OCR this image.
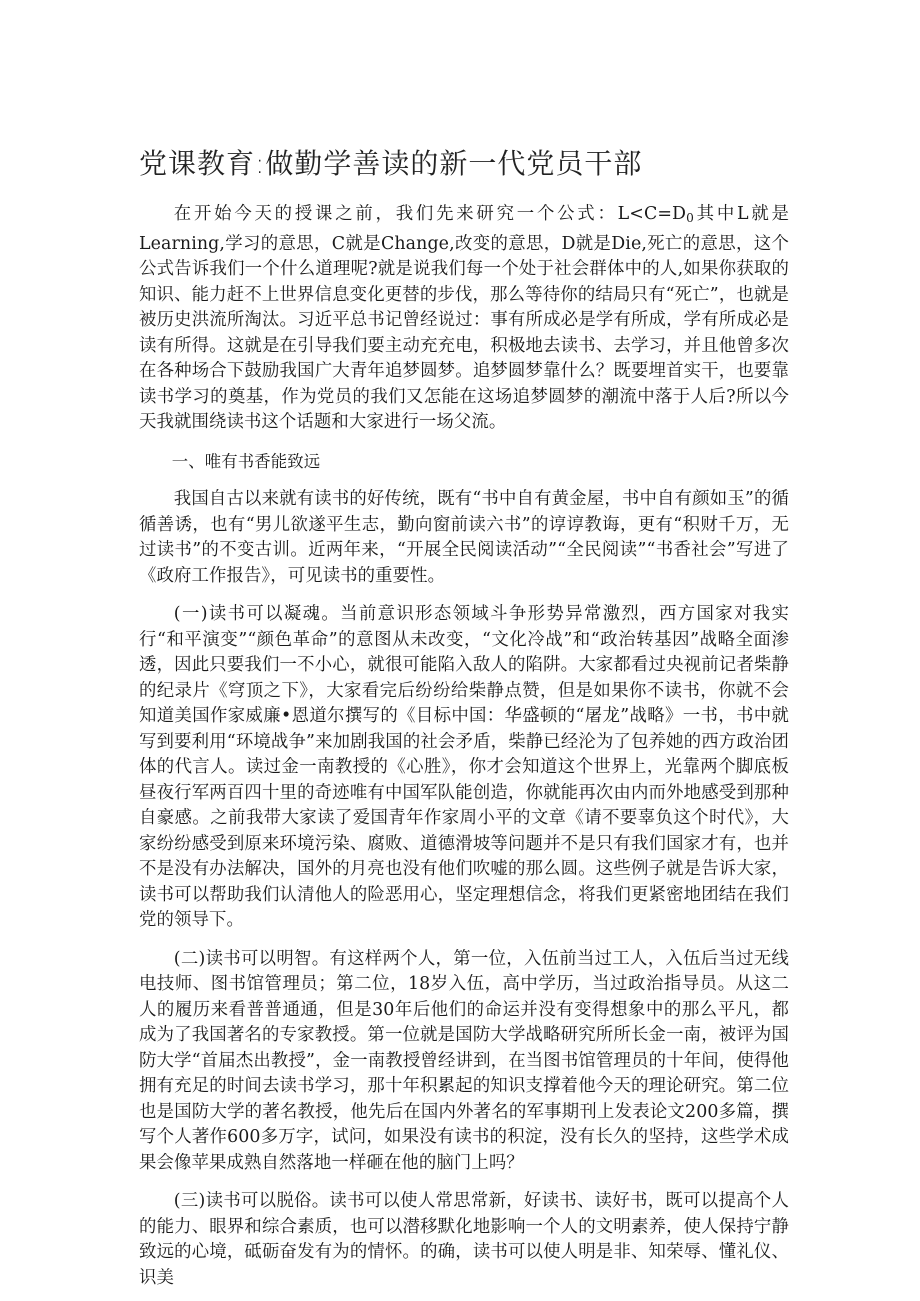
党课教育:做勤学善读的新一代党员干部

在开始今天的授课之前，我们先来研究一个公式：$L<C=D_0$其中L就是Learning,学习的意思，C就是Change,改变的意思，D就是Die,死亡的意思，这个公式告诉我们一个什么道理呢?就是说我们每一个处于社会群体中的人,如果你获取的知识、能力赶不上世界信息变化更替的步伐，那么等待你的结局只有“死亡”，也就是被历史洪流所淘汰。习近平总书记曾经说过：事有所成必是学有所成，学有所成必是读有所得。这就是在引导我们要主动充充电，积极地去读书、去学习，并且他曾多次在各种场合下鼓励我国广大青年追梦圆梦。追梦圆梦靠什么？既要埋首实干，也要靠读书学习的奠基，作为党员的我们又怎能在这场追梦圆梦的潮流中落于人后?所以今天我就围绕读书这个话题和大家进行一场父流。

一、唯有书香能致远

我国自古以来就有读书的好传统，既有“书中自有黄金屋，书中自有颜如玉”的循循善诱，也有“男儿欲遂平生志，勤向窗前读六书”的谆谆教诲，更有“积财千万，无过读书”的不变古训。近两年来，“开展全民阅读活动”“全民阅读”“书香社会”写进了《政府工作报告》，可见读书的重要性。

(一)读书可以凝魂。当前意识形态领域斗争形势异常激烈，西方国家对我实行“和平演变”“颜色革命”的意图从未改变，“文化冷战”和“政治转基因”战略全面渗透，因此只要我们一不小心，就很可能陷入敌人的陷阱。大家都看过央视前记者柴静的纪录片《穹顶之下》，大家看完后纷纷给柴静点赞，但是如果你不读书，你就不会知道美国作家威廉•恩道尔撰写的《目标中国：华盛顿的“屠龙”战略》一书，书中就写到要利用“环境战争”来加剧我国的社会矛盾，柴静已经沦为了包养她的西方政治团体的代言人。读过金一南教授的《心胜》，你才会知道这个世界上，光靠两个脚底板昼夜行军两百四十里的奇迹唯有中国军队能创造，你就能再次由内而外地感受到那种自豪感。之前我带大家读了爱国青年作家周小平的文章《请不要辜负这个时代》，大家纷纷感受到原来环境污染、腐败、道德滑坡等问题并不是只有我们国家才有，也并不是没有办法解决，国外的月亮也没有他们吹嘘的那么圆。这些例子就是告诉大家，读书可以帮助我们认清他人的险恶用心，坚定理想信念，将我们更紧密地团结在我们党的领导下。

(二)读书可以明智。有这样两个人，第一位，入伍前当过工人，入伍后当过无线电技师、图书馆管理员；第二位，18岁入伍，高中学历，当过政治指导员。从这二人的履历来看普普通通，但是30年后他们的命运并没有变得想象中的那么平凡，都成为了我国著名的专家教授。第一位就是国防大学战略研究所所长金一南，被评为国防大学“首届杰出教授”，金一南教授曾经讲到，在当图书馆管理员的十年间，使得他拥有充足的时间去读书学习，那十年积累起的知识支撑着他今天的理论研究。第二位也是国防大学的著名教授，他先后在国内外著名的军事期刊上发表论文200多篇，撰写个人著作600多万字，试问，如果没有读书的积淀，没有长久的坚持，这些学术成果会像苹果成熟自然落地一样砸在他的脑门上吗？

(三)读书可以脱俗。读书可以使人常思常新，好读书、读好书，既可以提高个人的能力、眼界和综合素质，也可以潜移默化地影响一个人的文明素养，使人保持宁静致远的心境，砥砺奋发有为的情怀。的确，读书可以使人明是非、知荣辱、懂礼仪、识美
